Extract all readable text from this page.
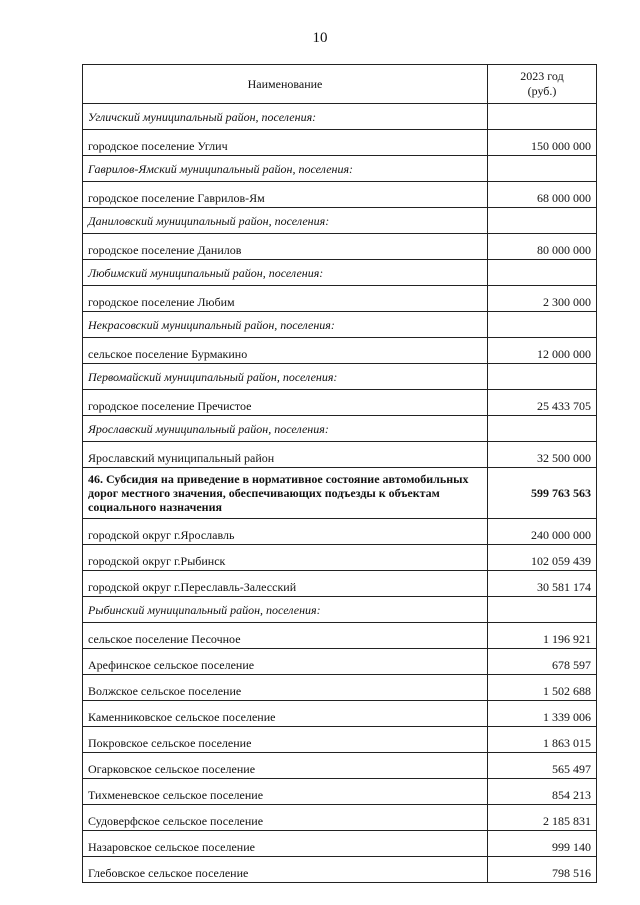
10
Наименование	2023 год
(руб.)

Угличский муниципальный район, поселения:	
городское поселение Углич	150 000 000
Гаврилов-Ямский муниципальный район, поселения:	
городское поселение Гаврилов-Ям	68 000 000
Даниловский муниципальный район, поселения:	
городское поселение Данилов	80 000 000
Любимский муниципальный район, поселения:	
городское поселение Любим	2 300 000
Некрасовский муниципальный район, поселения:	
сельское поселение Бурмакино	12 000 000
Первомайский муниципальный район, поселения:	
городское поселение Пречистое	25 433 705
Ярославский муниципальный район, поселения:	
Ярославский муниципальный район	32 500 000
46. Субсидия на приведение в нормативное состояние автомобильных дорог местного значения, обеспечивающих подъезды к объектам социального назначения	599 763 563
городской округ г.Ярославль	240 000 000
городской округ г.Рыбинск	102 059 439
городской округ г.Переславль-Залесский	30 581 174
Рыбинский муниципальный район, поселения:	
сельское поселение Песочное	1 196 921
Арефинское сельское поселение	678 597
Волжское сельское поселение	1 502 688
Каменниковское сельское поселение	1 339 006
Покровское сельское поселение	1 863 015
Огарковское сельское поселение	565 497
Тихменевское сельское поселение	854 213
Судоверфское сельское поселение	2 185 831
Назаровское сельское поселение	999 140
Глебовское сельское поселение	798 516
